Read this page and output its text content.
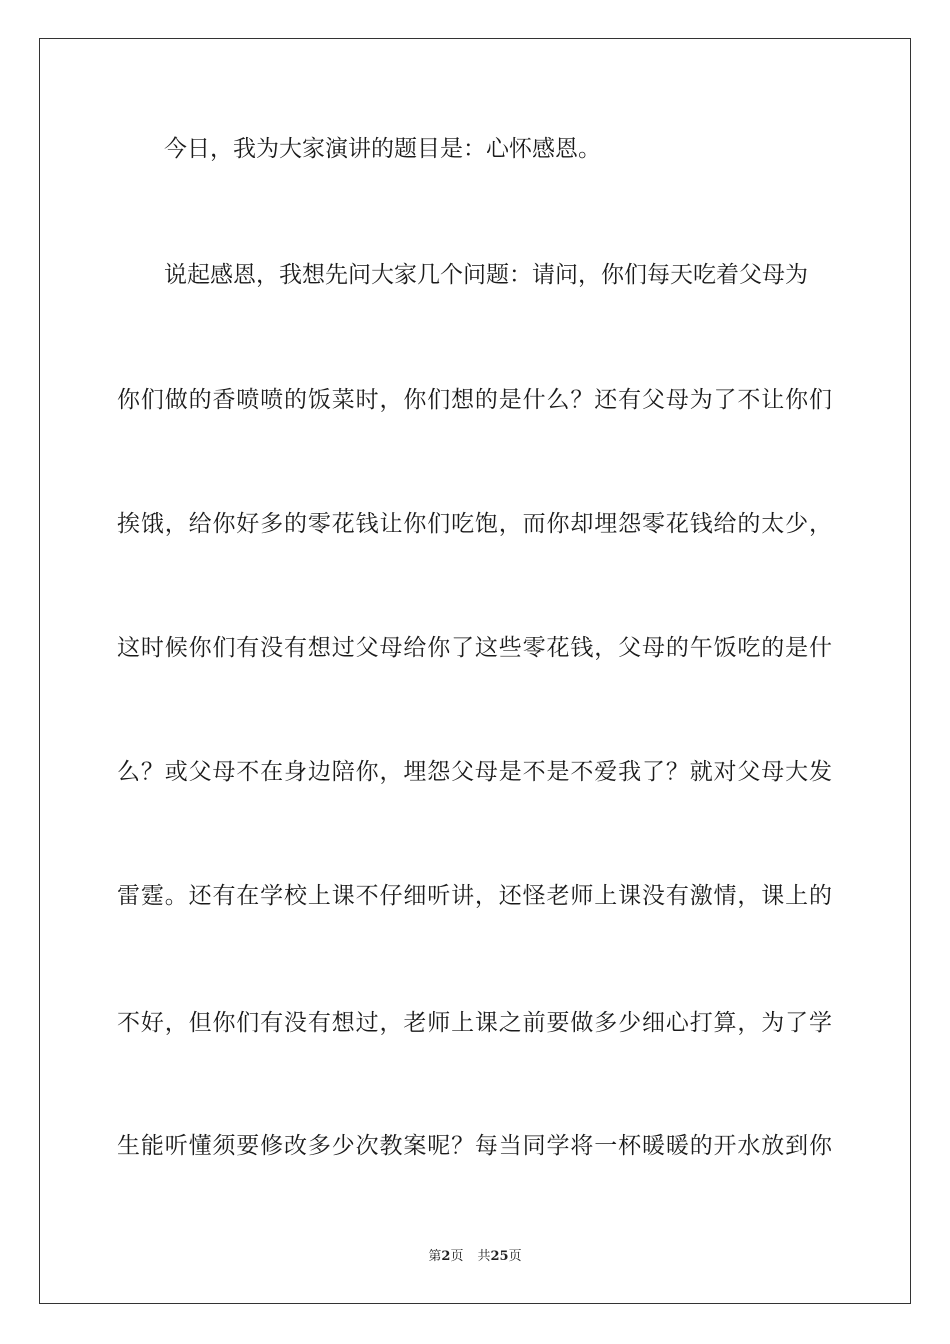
今日，我为大家演讲的题目是：心怀感恩。
说起感恩，我想先问大家几个问题：请问，你们每天吃着父母为
你们做的香喷喷的饭菜时，你们想的是什么？还有父母为了不让你们
挨饿，给你好多的零花钱让你们吃饱，而你却埋怨零花钱给的太少，
这时候你们有没有想过父母给你了这些零花钱，父母的午饭吃的是什
么？或父母不在身边陪你，埋怨父母是不是不爱我了？就对父母大发
雷霆。还有在学校上课不仔细听讲，还怪老师上课没有激情，课上的
不好，但你们有没有想过，老师上课之前要做多少细心打算，为了学
生能听懂须要修改多少次教案呢？每当同学将一杯暖暖的开水放到你
第2页 共25页
